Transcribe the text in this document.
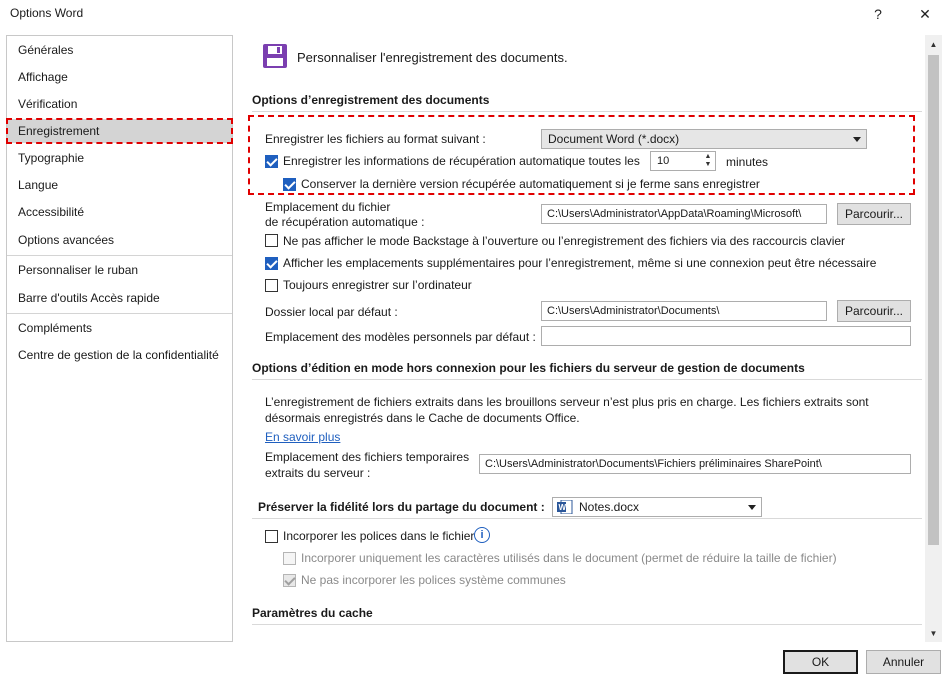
Options Word	?	✕
Générales
Affichage
Vérification
Enregistrement
Typographie
Langue
Accessibilité
Options avancées
Personnaliser le ruban
Barre d'outils Accès rapide
Compléments
Centre de gestion de la confidentialité
Personnaliser l'enregistrement des documents.
Options d’enregistrement des documents
Enregistrer les fichiers au format suivant :	Document Word (*.docx)
Enregistrer les informations de récupération automatique toutes les	10	▲
▼ minutes
Conserver la dernière version récupérée automatiquement si je ferme sans enregistrer
Emplacement du fichier
de récupération automatique :
C:\Users\Administrator\AppData\Roaming\Microsoft\	Parcourir...
Ne pas afficher le mode Backstage à l’ouverture ou l’enregistrement des fichiers via des raccourcis clavier
Afficher les emplacements supplémentaires pour l’enregistrement, même si une connexion peut être nécessaire
Toujours enregistrer sur l’ordinateur
Dossier local par défaut :	C:\Users\Administrator\Documents\	Parcourir...
Emplacement des modèles personnels par défaut :
Options d’édition en mode hors connexion pour les fichiers du serveur de gestion de documents
L’enregistrement de fichiers extraits dans les brouillons serveur n’est plus pris en charge. Les fichiers extraits sont
désormais enregistrés dans le Cache de documents Office.
En savoir plus
Emplacement des fichiers temporaires
extraits du serveur :
C:\Users\Administrator\Documents\Fichiers préliminaires SharePoint\
Préserver la fidélité lors du partage du document : W Notes.docx
Incorporer les polices dans le fichier i
Incorporer uniquement les caractères utilisés dans le document (permet de réduire la taille de fichier)
Ne pas incorporer les polices système communes
Paramètres du cache
▲
▼
OK	Annuler
